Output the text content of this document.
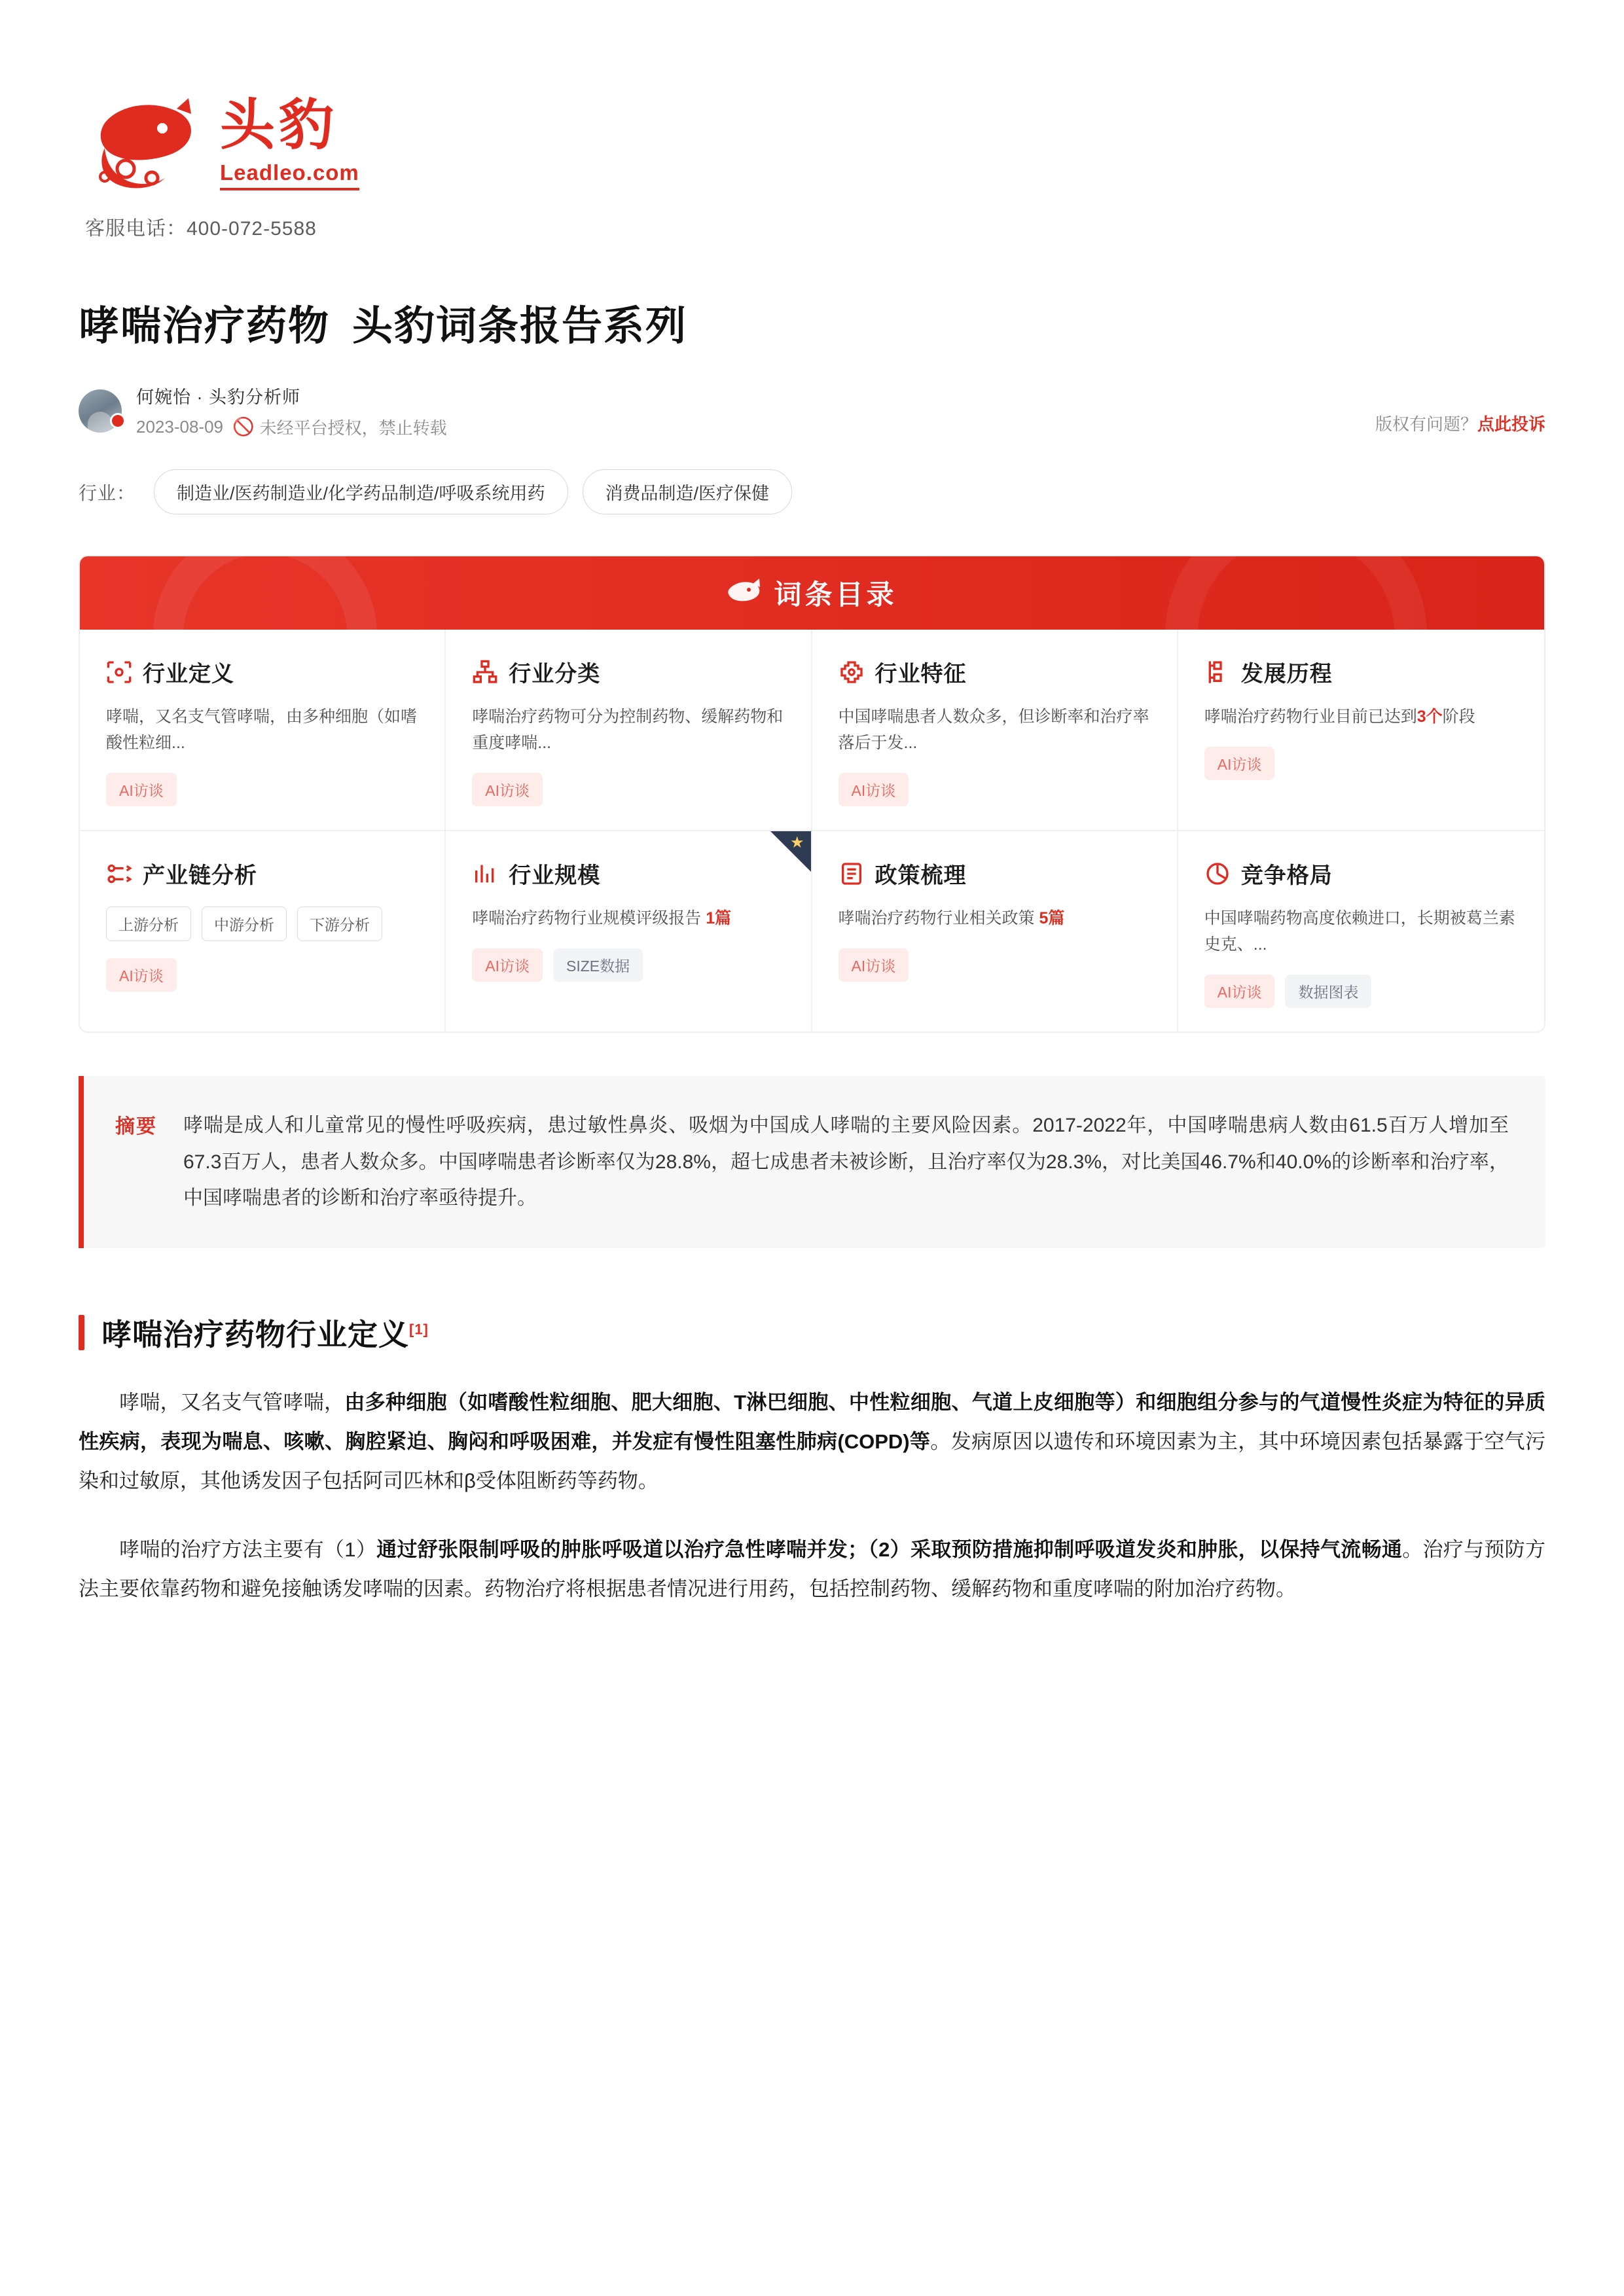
头豹
Leadleo.com
客服电话：400-072-5588
哮喘治疗药物 头豹词条报告系列
何婉怡 · 头豹分析师
2023-08-09 🚫 未经平台授权，禁止转载	版权有问题？点此投诉
行业：	制造业/医药制造业/化学药品制造/呼吸系统用药	消费品制造/医疗保健
词条目录
行业定义
哮喘，又名支气管哮喘，由多种细胞（如嗜酸性粒细...
AI访谈
行业分类
哮喘治疗药物可分为控制药物、缓解药物和重度哮喘...
AI访谈
行业特征
中国哮喘患者人数众多，但诊断率和治疗率落后于发...
AI访谈
发展历程
哮喘治疗药物行业目前已达到3个阶段
AI访谈
产业链分析
上游分析	中游分析	下游分析
AI访谈
★
行业规模
哮喘治疗药物行业规模评级报告 1篇
AI访谈	SIZE数据
政策梳理
哮喘治疗药物行业相关政策 5篇
AI访谈
竞争格局
中国哮喘药物高度依赖进口，长期被葛兰素史克、...
AI访谈	数据图表
摘要 哮喘是成人和儿童常见的慢性呼吸疾病，患过敏性鼻炎、吸烟为中国成人哮喘的主要风险因素。2017-2022年，中国哮喘患病人数由61.5百万人增加至67.3百万人，患者人数众多。中国哮喘患者诊断率仅为28.8%，超七成患者未被诊断，且治疗率仅为28.3%，对比美国46.7%和40.0%的诊断率和治疗率，中国哮喘患者的诊断和治疗率亟待提升。
哮喘治疗药物行业定义[1]

哮喘，又名支气管哮喘，由多种细胞（如嗜酸性粒细胞、肥大细胞、T淋巴细胞、中性粒细胞、气道上皮细胞等）和细胞组分参与的气道慢性炎症为特征的异质性疾病，表现为喘息、咳嗽、胸腔紧迫、胸闷和呼吸困难，并发症有慢性阻塞性肺病(COPD)等。发病原因以遗传和环境因素为主，其中环境因素包括暴露于空气污染和过敏原，其他诱发因子包括阿司匹林和β受体阻断药等药物。

哮喘的治疗方法主要有（1）通过舒张限制呼吸的肿胀呼吸道以治疗急性哮喘并发；（2）采取预防措施抑制呼吸道发炎和肿胀，以保持气流畅通。治疗与预防方法主要依靠药物和避免接触诱发哮喘的因素。药物治疗将根据患者情况进行用药，包括控制药物、缓解药物和重度哮喘的附加治疗药物。
